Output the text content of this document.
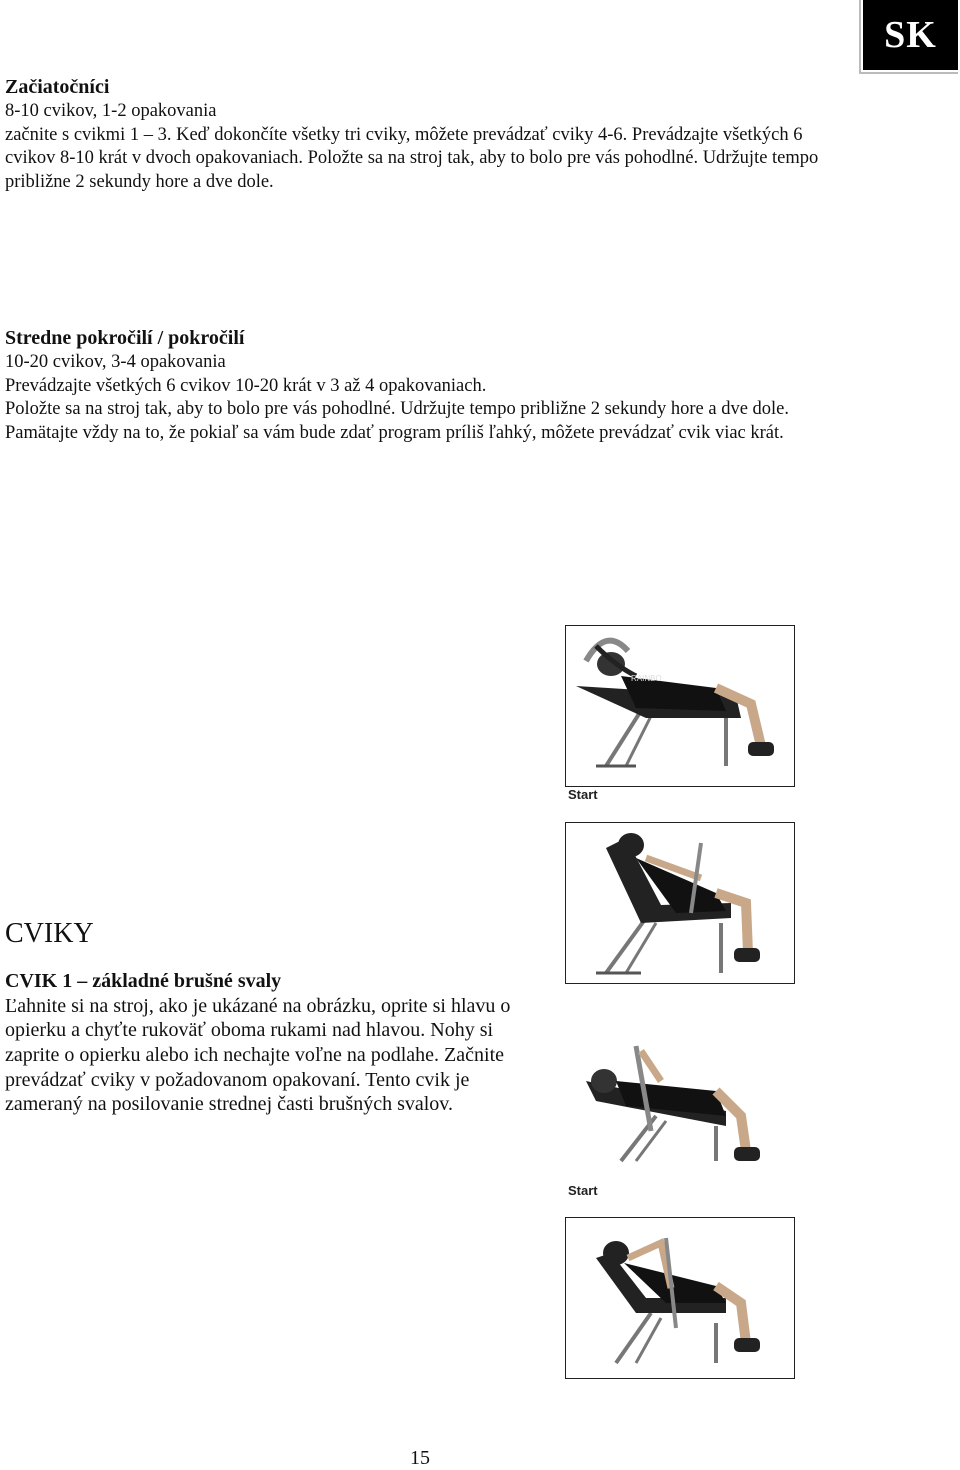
SK

Začiatočníci

8-10 cvikov, 1-2 opakovania

začnite s cvikmi 1 – 3. Keď dokončíte všetky tri cviky, môžete prevádzať cviky 4-6. Prevádzajte všetkých 6 cvikov 8-10 krát v dvoch opakovaniach. Položte sa na stroj tak, aby to bolo pre vás pohodlné. Udržujte tempo približne 2 sekundy hore a dve dole.

Stredne pokročilí / pokročilí

10-20 cvikov, 3-4 opakovania

Prevádzajte všetkých 6 cvikov 10-20 krát v 3 až 4 opakovaniach.

Položte sa na stroj tak, aby to bolo pre vás pohodlné. Udržujte tempo približne 2 sekundy hore a dve dole.

Pamätajte vždy na to, že pokiaľ sa vám bude zdať program príliš ľahký, môžete prevádzať cvik viac krát.

CVIKY

CVIK 1 – základné brušné svaly

Ľahnite si na stroj, ako je ukázané na obrázku, oprite si hlavu o opierku a chyťte rukoväť oboma rukami nad hlavou. Nohy si zaprite o opierku alebo ich nechajte voľne na podlahe. Začnite prevádzať cviky v požadovanom opakovaní. Tento cvik je zameraný na posilovanie strednej časti brušných svalov.

RAINBO
Start
Start
15
